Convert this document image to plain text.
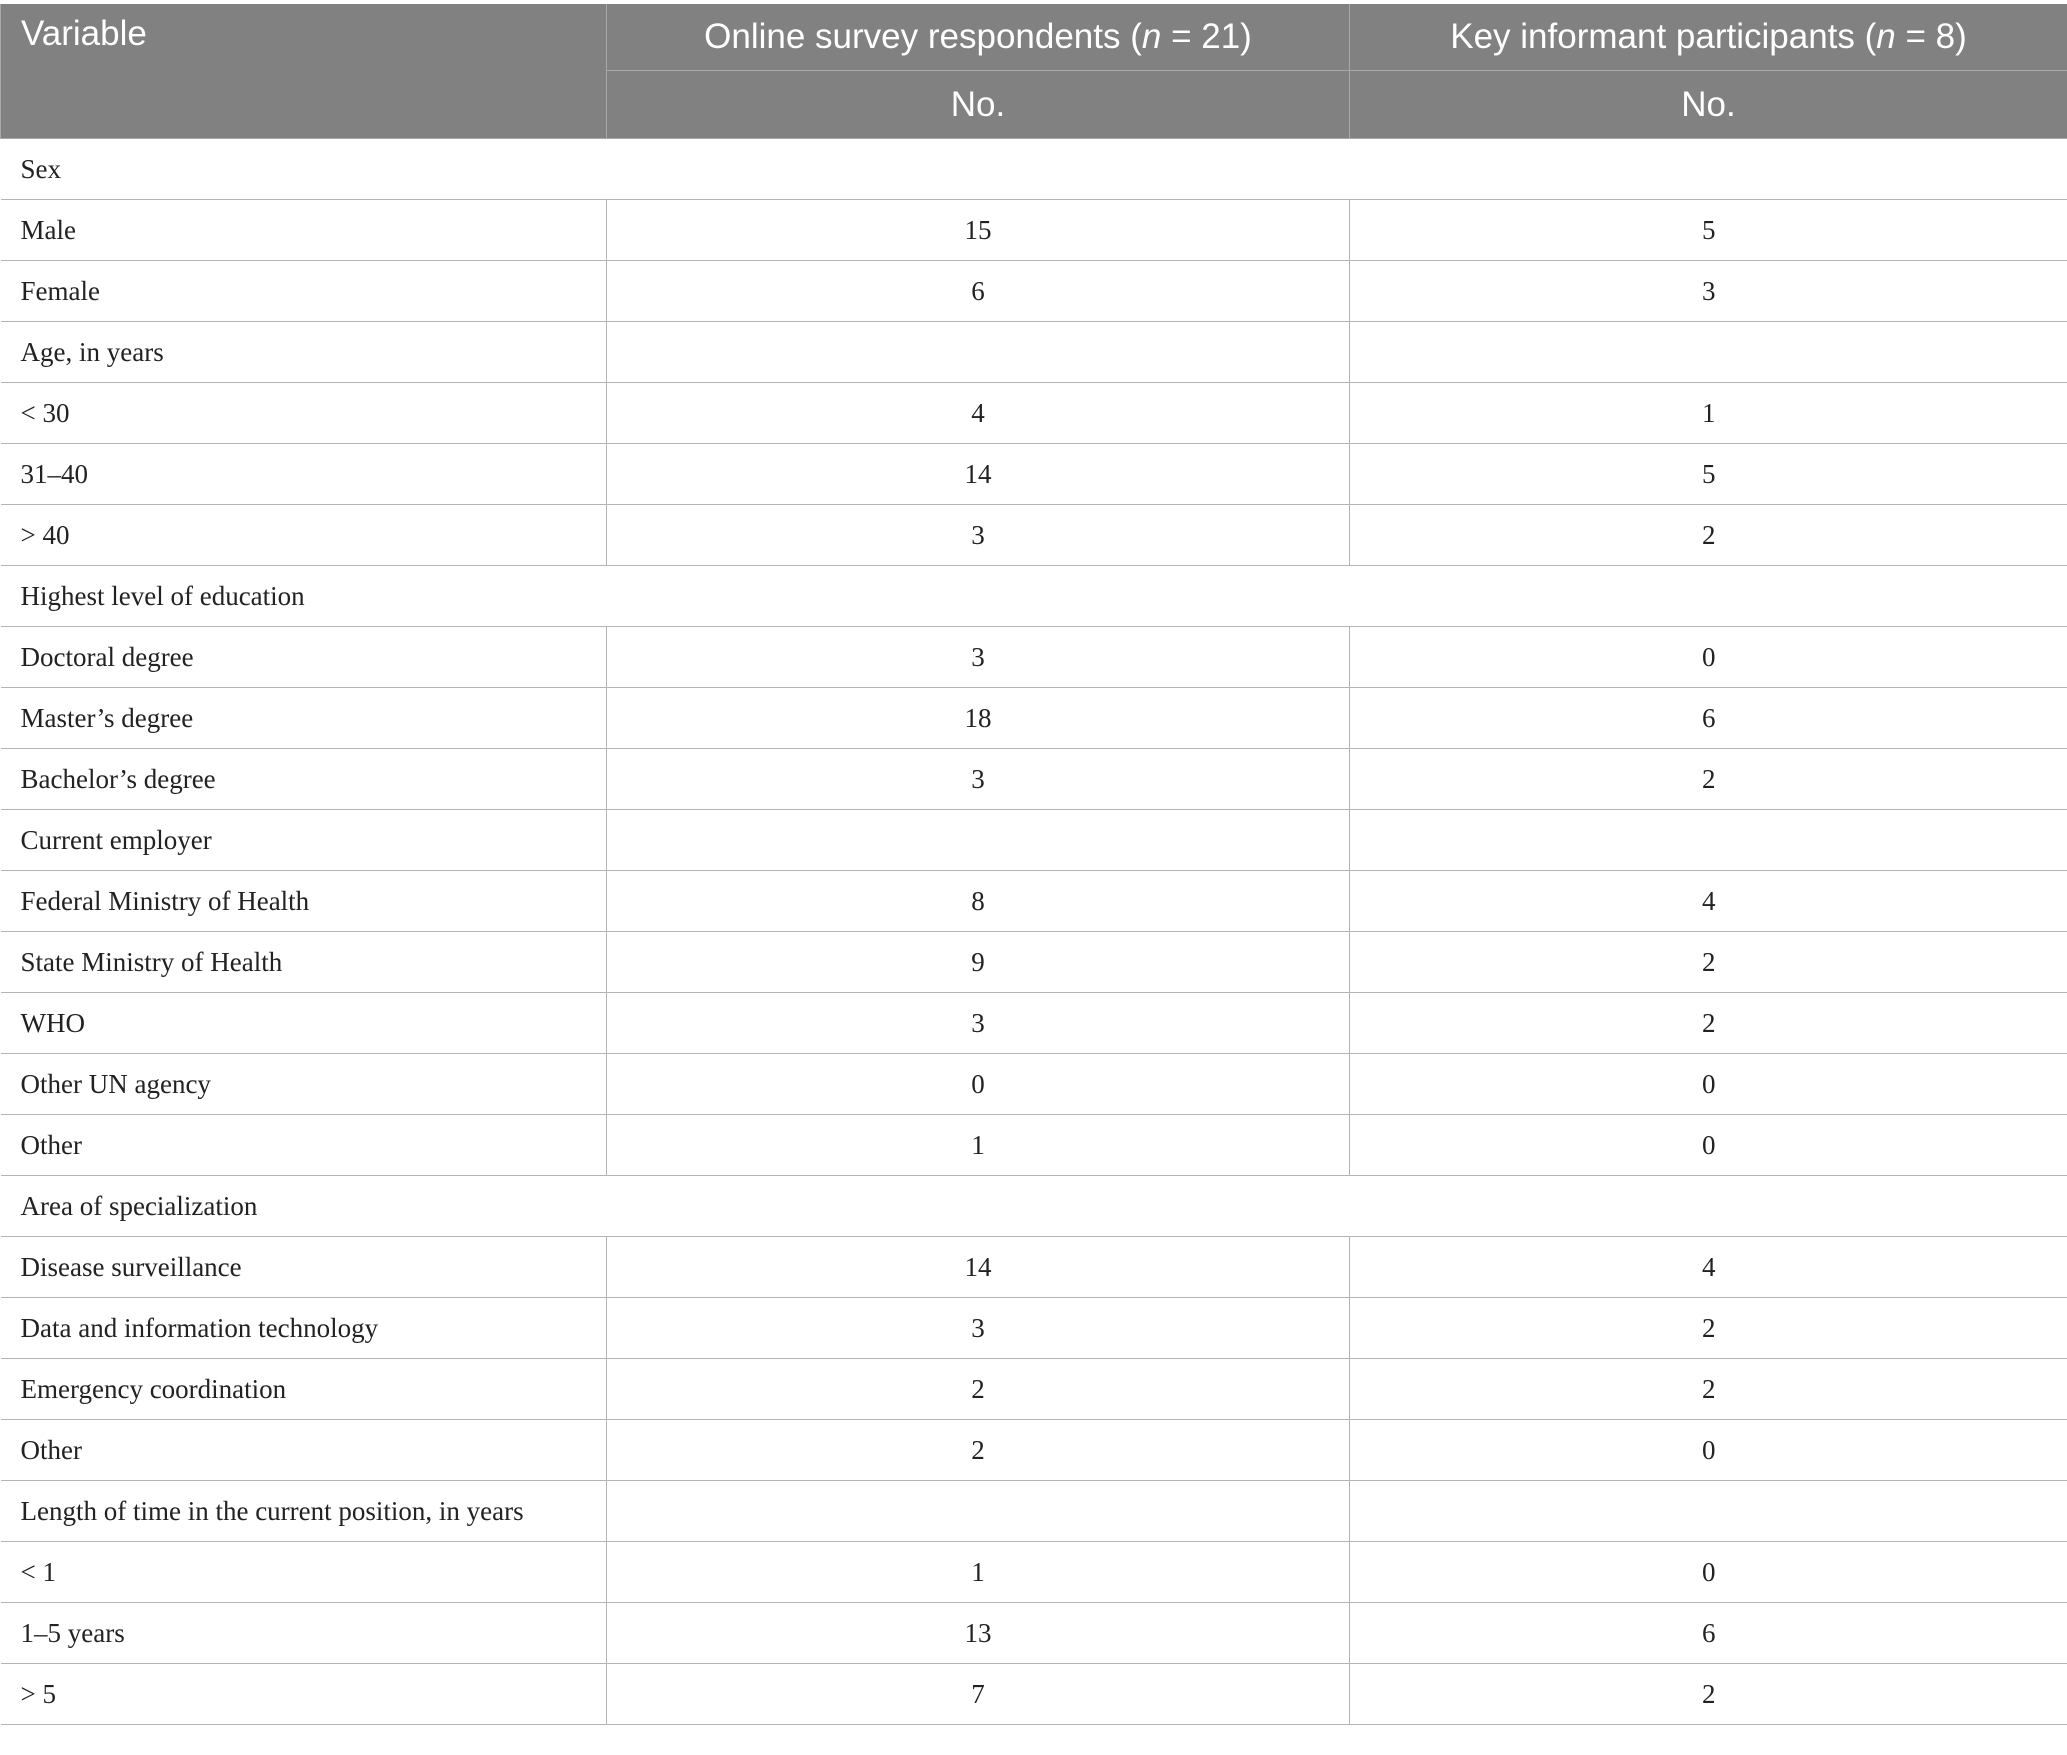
Variable	Online survey respondents (n = 21)	Key informant participants (n = 8)
	No.	No.
Sex		
Male	15	5
Female	6	3
Age, in years		
< 30	4	1
31–40	14	5
> 40	3	2
Highest level of education		
Doctoral degree	3	0
Master’s degree	18	6
Bachelor’s degree	3	2
Current employer		
Federal Ministry of Health	8	4
State Ministry of Health	9	2
WHO	3	2
Other UN agency	0	0
Other	1	0
Area of specialization		
Disease surveillance	14	4
Data and information technology	3	2
Emergency coordination	2	2
Other	2	0
Length of time in the current position, in years		
< 1	1	0
1–5 years	13	6
> 5	7	2
